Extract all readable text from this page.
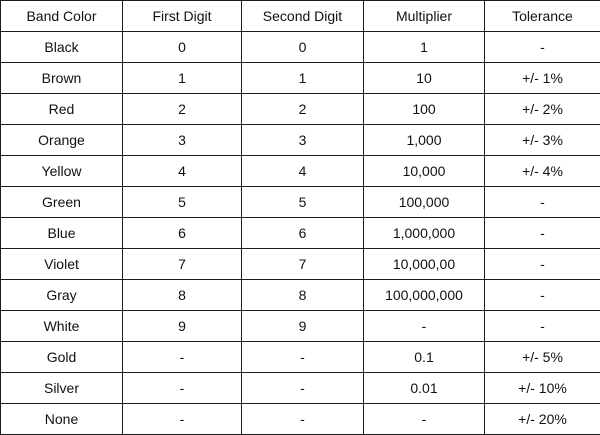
Band Color	First Digit	Second Digit	Multiplier	Tolerance
Black	0	0	1	-
Brown	1	1	10	+/- 1%
Red	2	2	100	+/- 2%
Orange	3	3	1,000	+/- 3%
Yellow	4	4	10,000	+/- 4%
Green	5	5	100,000	-
Blue	6	6	1,000,000	-
Violet	7	7	10,000,00	-
Gray	8	8	100,000,000	-
White	9	9	-	-
Gold	-	-	0.1	+/- 5%
Silver	-	-	0.01	+/- 10%
None	-	-	-	+/- 20%
